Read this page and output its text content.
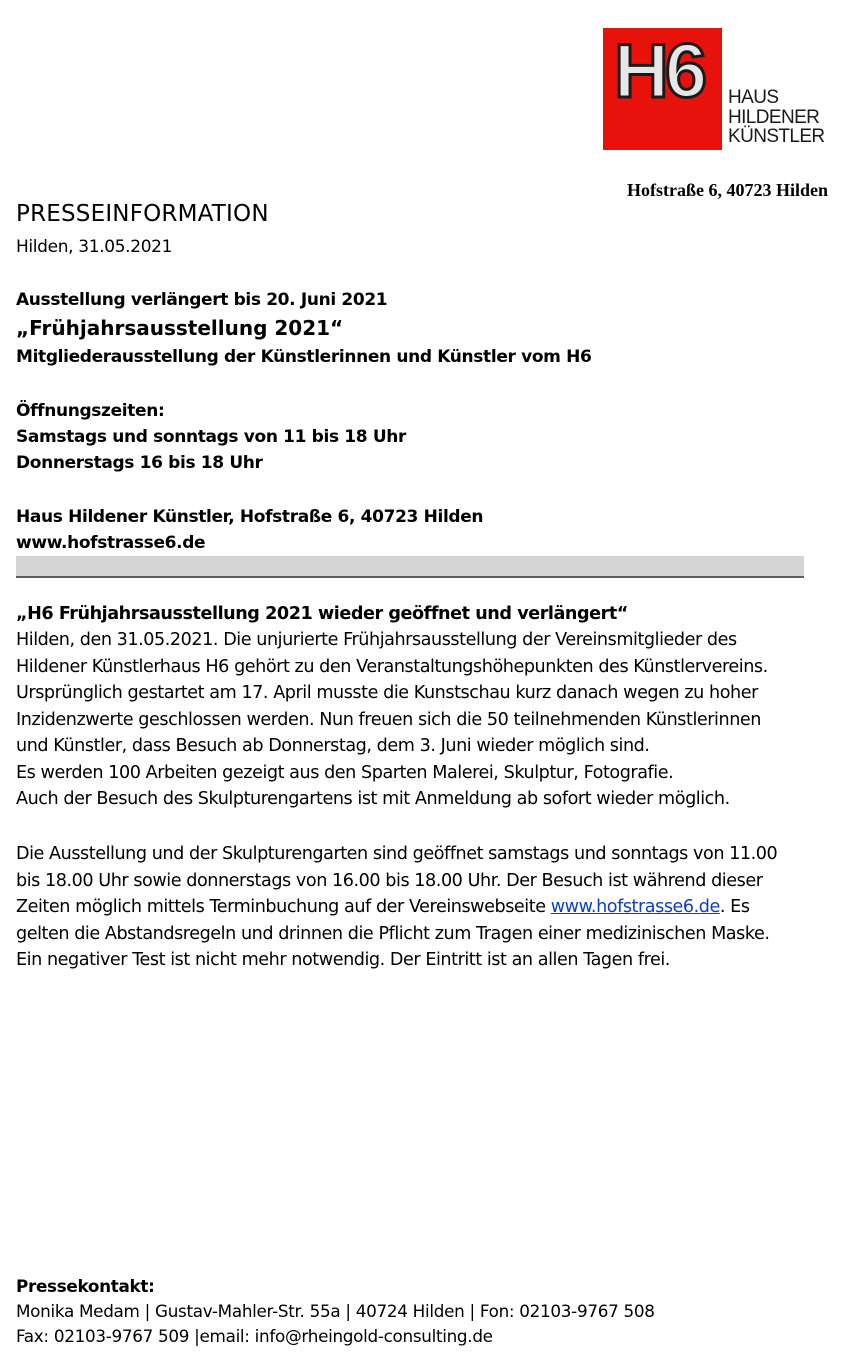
H6 HAUS
HILDENER
KÜNSTLER
Hofstraße 6, 40723 Hilden
PRESSEINFORMATION
Hilden, 31.05.2021
Ausstellung verlängert bis 20. Juni 2021
„Frühjahrsausstellung 2021“
Mitgliederausstellung der Künstlerinnen und Künstler vom H6
Öffnungszeiten:
Samstags und sonntags von 11 bis 18 Uhr
Donnerstags 16 bis 18 Uhr
Haus Hildener Künstler, Hofstraße 6, 40723 Hilden
www.hofstrasse6.de
„H6 Frühjahrsausstellung 2021 wieder geöffnet und verlängert“
Hilden, den 31.05.2021. Die unjurierte Frühjahrsausstellung der Vereinsmitglieder des
Hildener Künstlerhaus H6 gehört zu den Veranstaltungshöhepunkten des Künstlervereins.
Ursprünglich gestartet am 17. April musste die Kunstschau kurz danach wegen zu hoher
Inzidenzwerte geschlossen werden. Nun freuen sich die 50 teilnehmenden Künstlerinnen
und Künstler, dass Besuch ab Donnerstag, dem 3. Juni wieder möglich sind.
Es werden 100 Arbeiten gezeigt aus den Sparten Malerei, Skulptur, Fotografie.
Auch der Besuch des Skulpturengartens ist mit Anmeldung ab sofort wieder möglich.
Die Ausstellung und der Skulpturengarten sind geöffnet samstags und sonntags von 11.00
bis 18.00 Uhr sowie donnerstags von 16.00 bis 18.00 Uhr. Der Besuch ist während dieser
Zeiten möglich mittels Terminbuchung auf der Vereinswebseite www.hofstrasse6.de. Es
gelten die Abstandsregeln und drinnen die Pflicht zum Tragen einer medizinischen Maske.
Ein negativer Test ist nicht mehr notwendig. Der Eintritt ist an allen Tagen frei.
Pressekontakt:
Monika Medam | Gustav-Mahler-Str. 55a | 40724 Hilden | Fon: 02103-9767 508
Fax: 02103-9767 509 |email: info@rheingold-consulting.de
